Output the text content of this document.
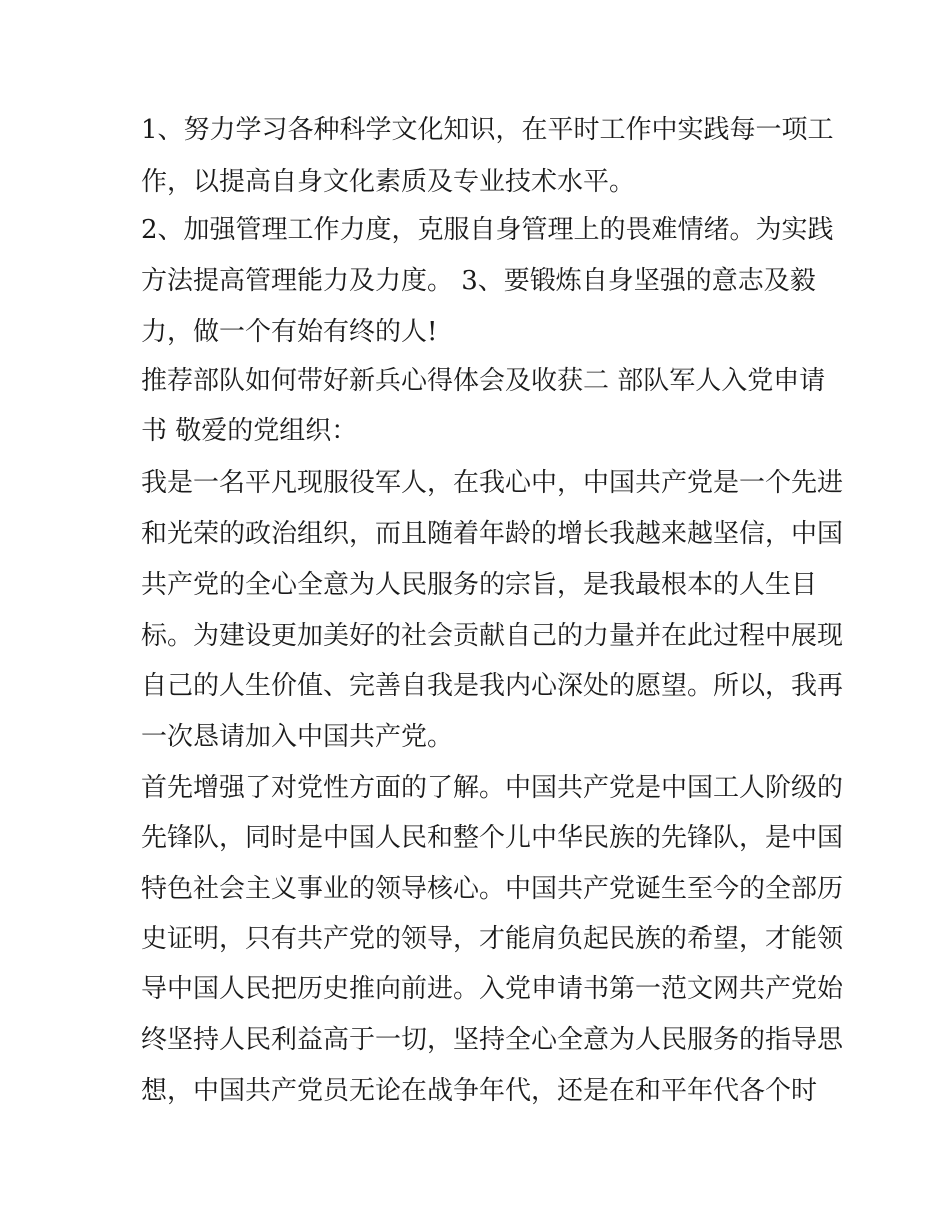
1、努力学习各种科学文化知识，在平时工作中实践每一项工
作，以提高自身文化素质及专业技术水平。
2、加强管理工作力度，克服自身管理上的畏难情绪。为实践
方法提高管理能力及力度。 3、要锻炼自身坚强的意志及毅
力，做一个有始有终的人!
推荐部队如何带好新兵心得体会及收获二 部队军人入党申请
书 敬爱的党组织：
我是一名平凡现服役军人，在我心中，中国共产党是一个先进
和光荣的政治组织，而且随着年龄的增长我越来越坚信，中国
共产党的全心全意为人民服务的宗旨，是我最根本的人生目
标。为建设更加美好的社会贡献自己的力量并在此过程中展现
自己的人生价值、完善自我是我内心深处的愿望。所以，我再
一次恳请加入中国共产党。
首先增强了对党性方面的了解。中国共产党是中国工人阶级的
先锋队，同时是中国人民和整个儿中华民族的先锋队，是中国
特色社会主义事业的领导核心。中国共产党诞生至今的全部历
史证明，只有共产党的领导，才能肩负起民族的希望，才能领
导中国人民把历史推向前进。入党申请书第一范文网共产党始
终坚持人民利益高于一切，坚持全心全意为人民服务的指导思
想，中国共产党员无论在战争年代，还是在和平年代各个时
